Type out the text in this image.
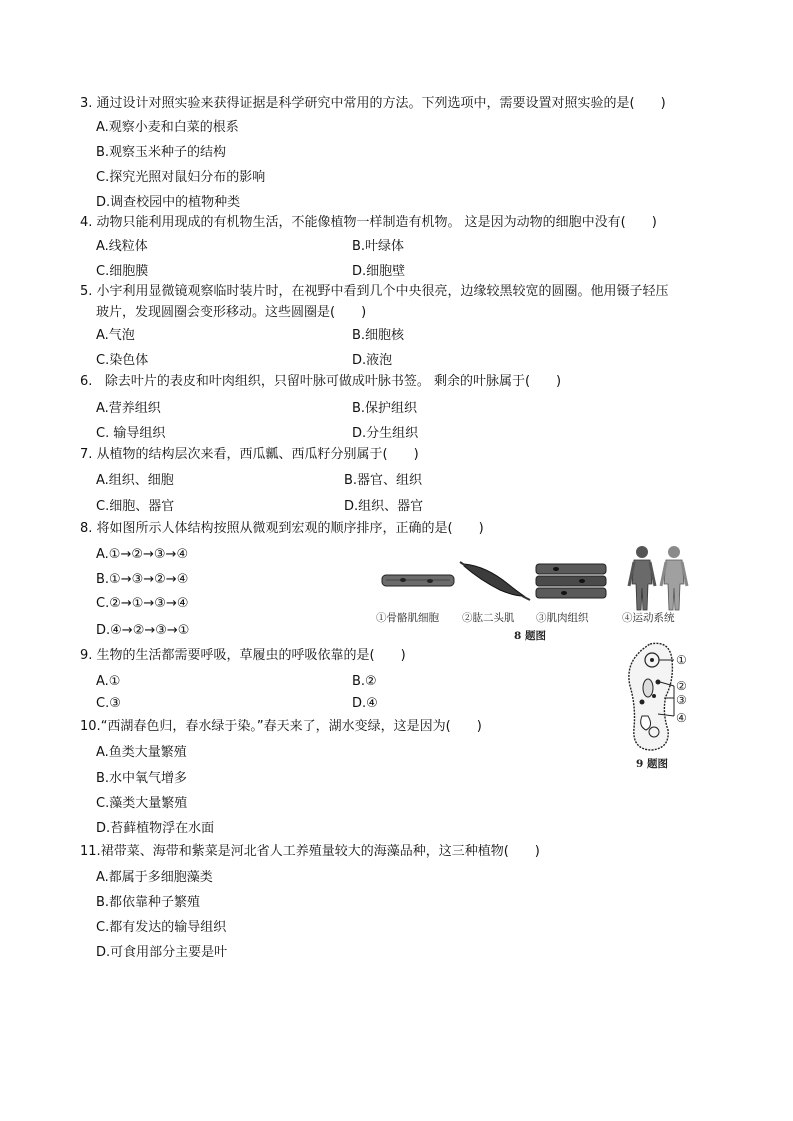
3. 通过设计对照实验来获得证据是科学研究中常用的方法。下列选项中，需要设置对照实验的是(　　)
A.观察小麦和白菜的根系
B.观察玉米种子的结构
C.探究光照对鼠妇分布的影响
D.调查校园中的植物种类
4. 动物只能利用现成的有机物生活，不能像植物一样制造有机物。 这是因为动物的细胞中没有(　　)
A.线粒体	B.叶绿体
C.细胞膜	D.细胞壁
5. 小宇利用显微镜观察临时装片时，在视野中看到几个中央很亮，边缘较黑较宽的圆圈。他用镊子轻压
玻片，发现圆圈会变形移动。这些圆圈是(　　)
A.气泡	B.细胞核
C.染色体	D.液泡
6. 除去叶片的表皮和叶肉组织，只留叶脉可做成叶脉书签。 剩余的叶脉属于(　　)
A.营养组织	B.保护组织
C. 输导组织	D.分生组织
7. 从植物的结构层次来看，西瓜瓤、西瓜籽分别属于(　　)
A.组织、细胞	B.器官、组织
C.细胞、器官	D.组织、器官
8. 将如图所示人体结构按照从微观到宏观的顺序排序，正确的是(　　)
A.①→②→③→④
B.①→③→②→④
C.②→①→③→④
D.④→②→③→①
①骨骼肌细胞 ②肱二头肌 ③肌肉组织	④运动系统
8 题图
9. 生物的生活都需要呼吸，草履虫的呼吸依靠的是(　　)
A.①	B.②
C.③	D.④
①
②
③
④
9 题图
10.“西湖春色归，春水绿于染。”春天来了，湖水变绿，这是因为(　　)
A.鱼类大量繁殖
B.水中氧气增多
C.藻类大量繁殖
D.苔藓植物浮在水面
11.裙带菜、海带和紫菜是河北省人工养殖量较大的海藻品种，这三种植物(　　)
A.都属于多细胞藻类
B.都依靠种子繁殖
C.都有发达的输导组织
D.可食用部分主要是叶
